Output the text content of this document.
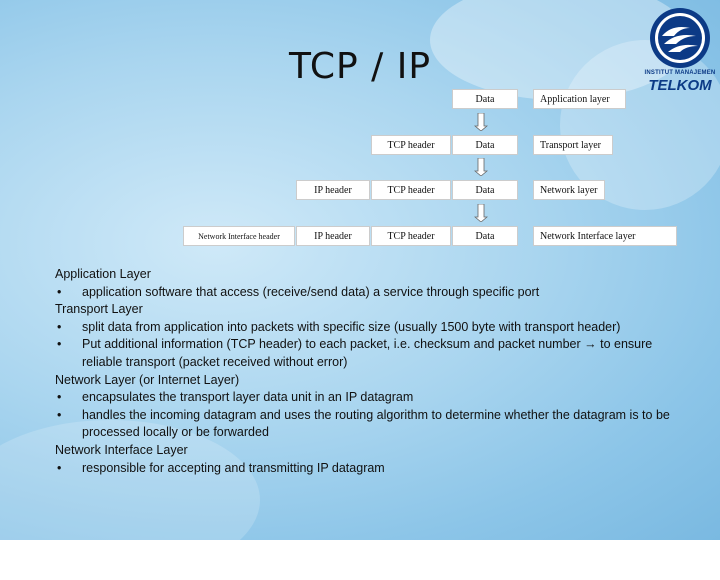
TCP / IP	INSTITUT MANAJEMEN
TELKOM
Data	Application layer
TCP header	Data	Transport layer
IP header	TCP header	Data	Network layer
Network Interface header	IP header	TCP header	Data	Network Interface layer
Application Layer
•	application software that access (receive/send data) a service through specific port
Transport Layer
•	split data from application into packets with specific size (usually 1500 byte with transport header)
•	Put additional information (TCP header) to each packet, i.e. checksum and packet number → to ensure reliable transport (packet received without error)
Network Layer (or Internet Layer)
•	encapsulates the transport layer data unit in an IP datagram
•	handles the incoming datagram and uses the routing algorithm to determine whether the datagram is to be processed locally or be forwarded
Network Interface Layer
•	responsible for accepting and transmitting IP datagram
